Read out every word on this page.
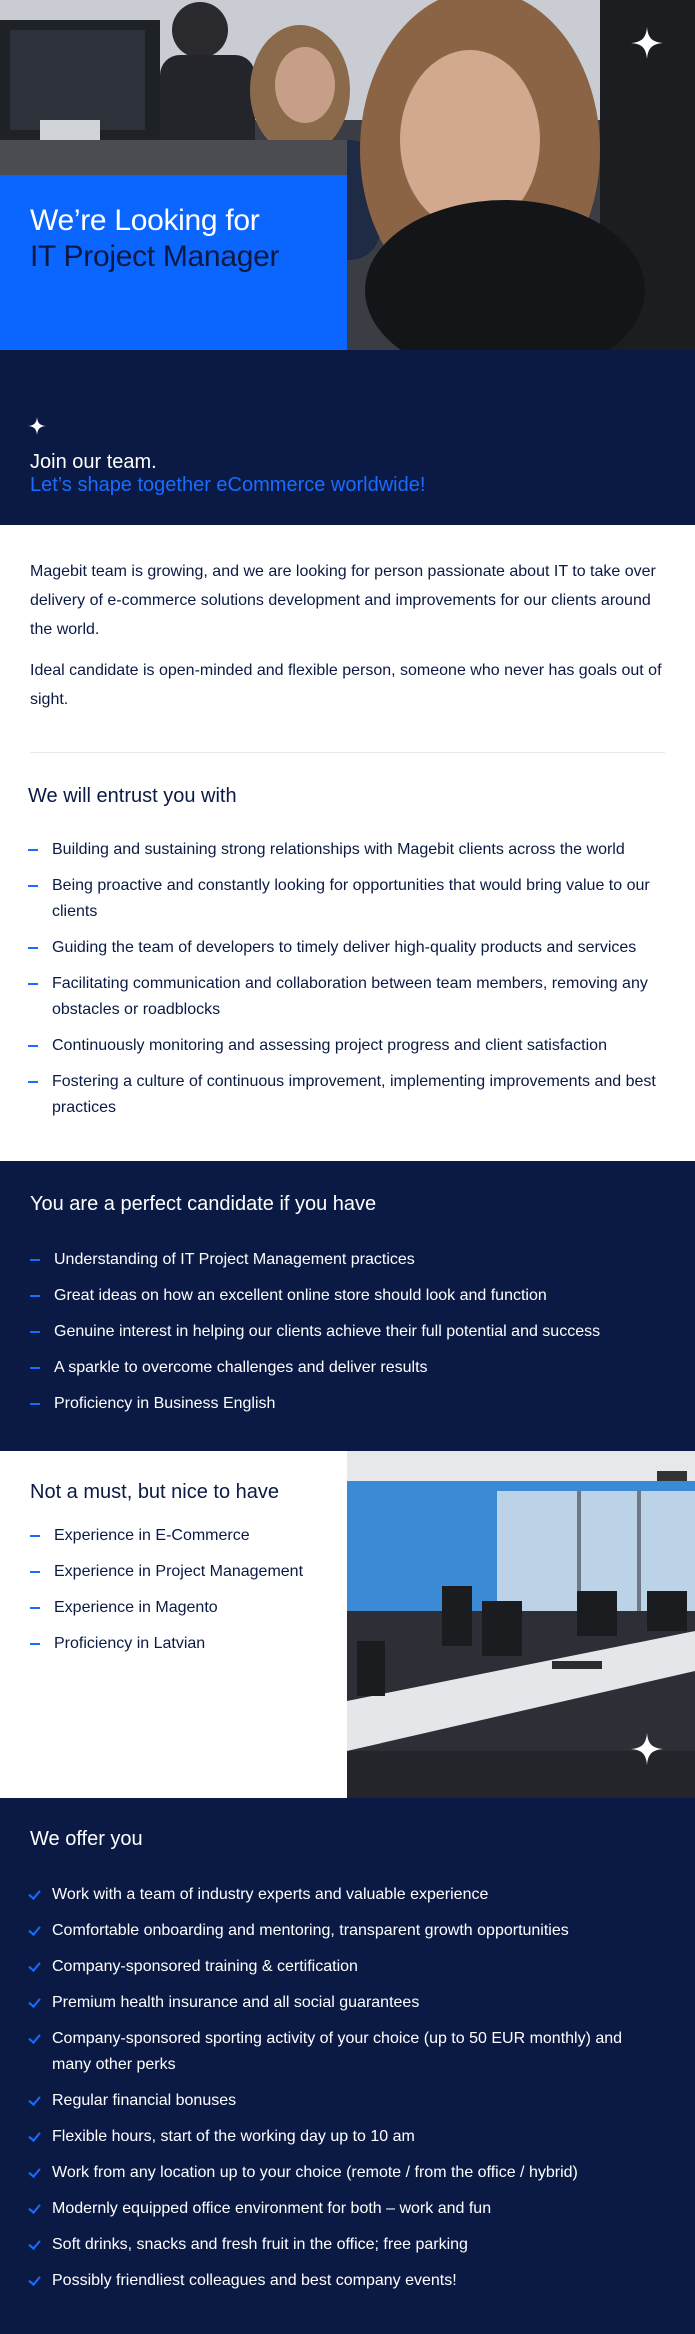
We’re Looking for
IT Project Manager
Join our team.
Let’s shape together eCommerce worldwide!

Magebit team is growing, and we are looking for person passionate about IT to take over delivery of e-commerce solutions development and improvements for our clients around the world.

Ideal candidate is open-minded and flexible person, someone who never has goals out of sight.

We will entrust you with
Building and sustaining strong relationships with Magebit clients across the world
Being proactive and constantly looking for opportunities that would bring value to our clients
Guiding the team of developers to timely deliver high-quality products and services
Facilitating communication and collaboration between team members, removing any obstacles or roadblocks
Continuously monitoring and assessing project progress and client satisfaction
Fostering a culture of continuous improvement, implementing improvements and best practices
You are a perfect candidate if you have
Understanding of IT Project Management practices
Great ideas on how an excellent online store should look and function
Genuine interest in helping our clients achieve their full potential and success
A sparkle to overcome challenges and deliver results
Proficiency in Business English
Not a must, but nice to have
Experience in E-Commerce
Experience in Project Management
Experience in Magento
Proficiency in Latvian
We offer you
Work with a team of industry experts and valuable experience
Comfortable onboarding and mentoring, transparent growth opportunities
Company-sponsored training & certification
Premium health insurance and all social guarantees
Company-sponsored sporting activity of your choice (up to 50 EUR monthly) and many other perks
Regular financial bonuses
Flexible hours, start of the working day up to 10 am
Work from any location up to your choice (remote / from the office / hybrid)
Modernly equipped office environment for both – work and fun
Soft drinks, snacks and fresh fruit in the office; free parking
Possibly friendliest colleagues and best company events!
